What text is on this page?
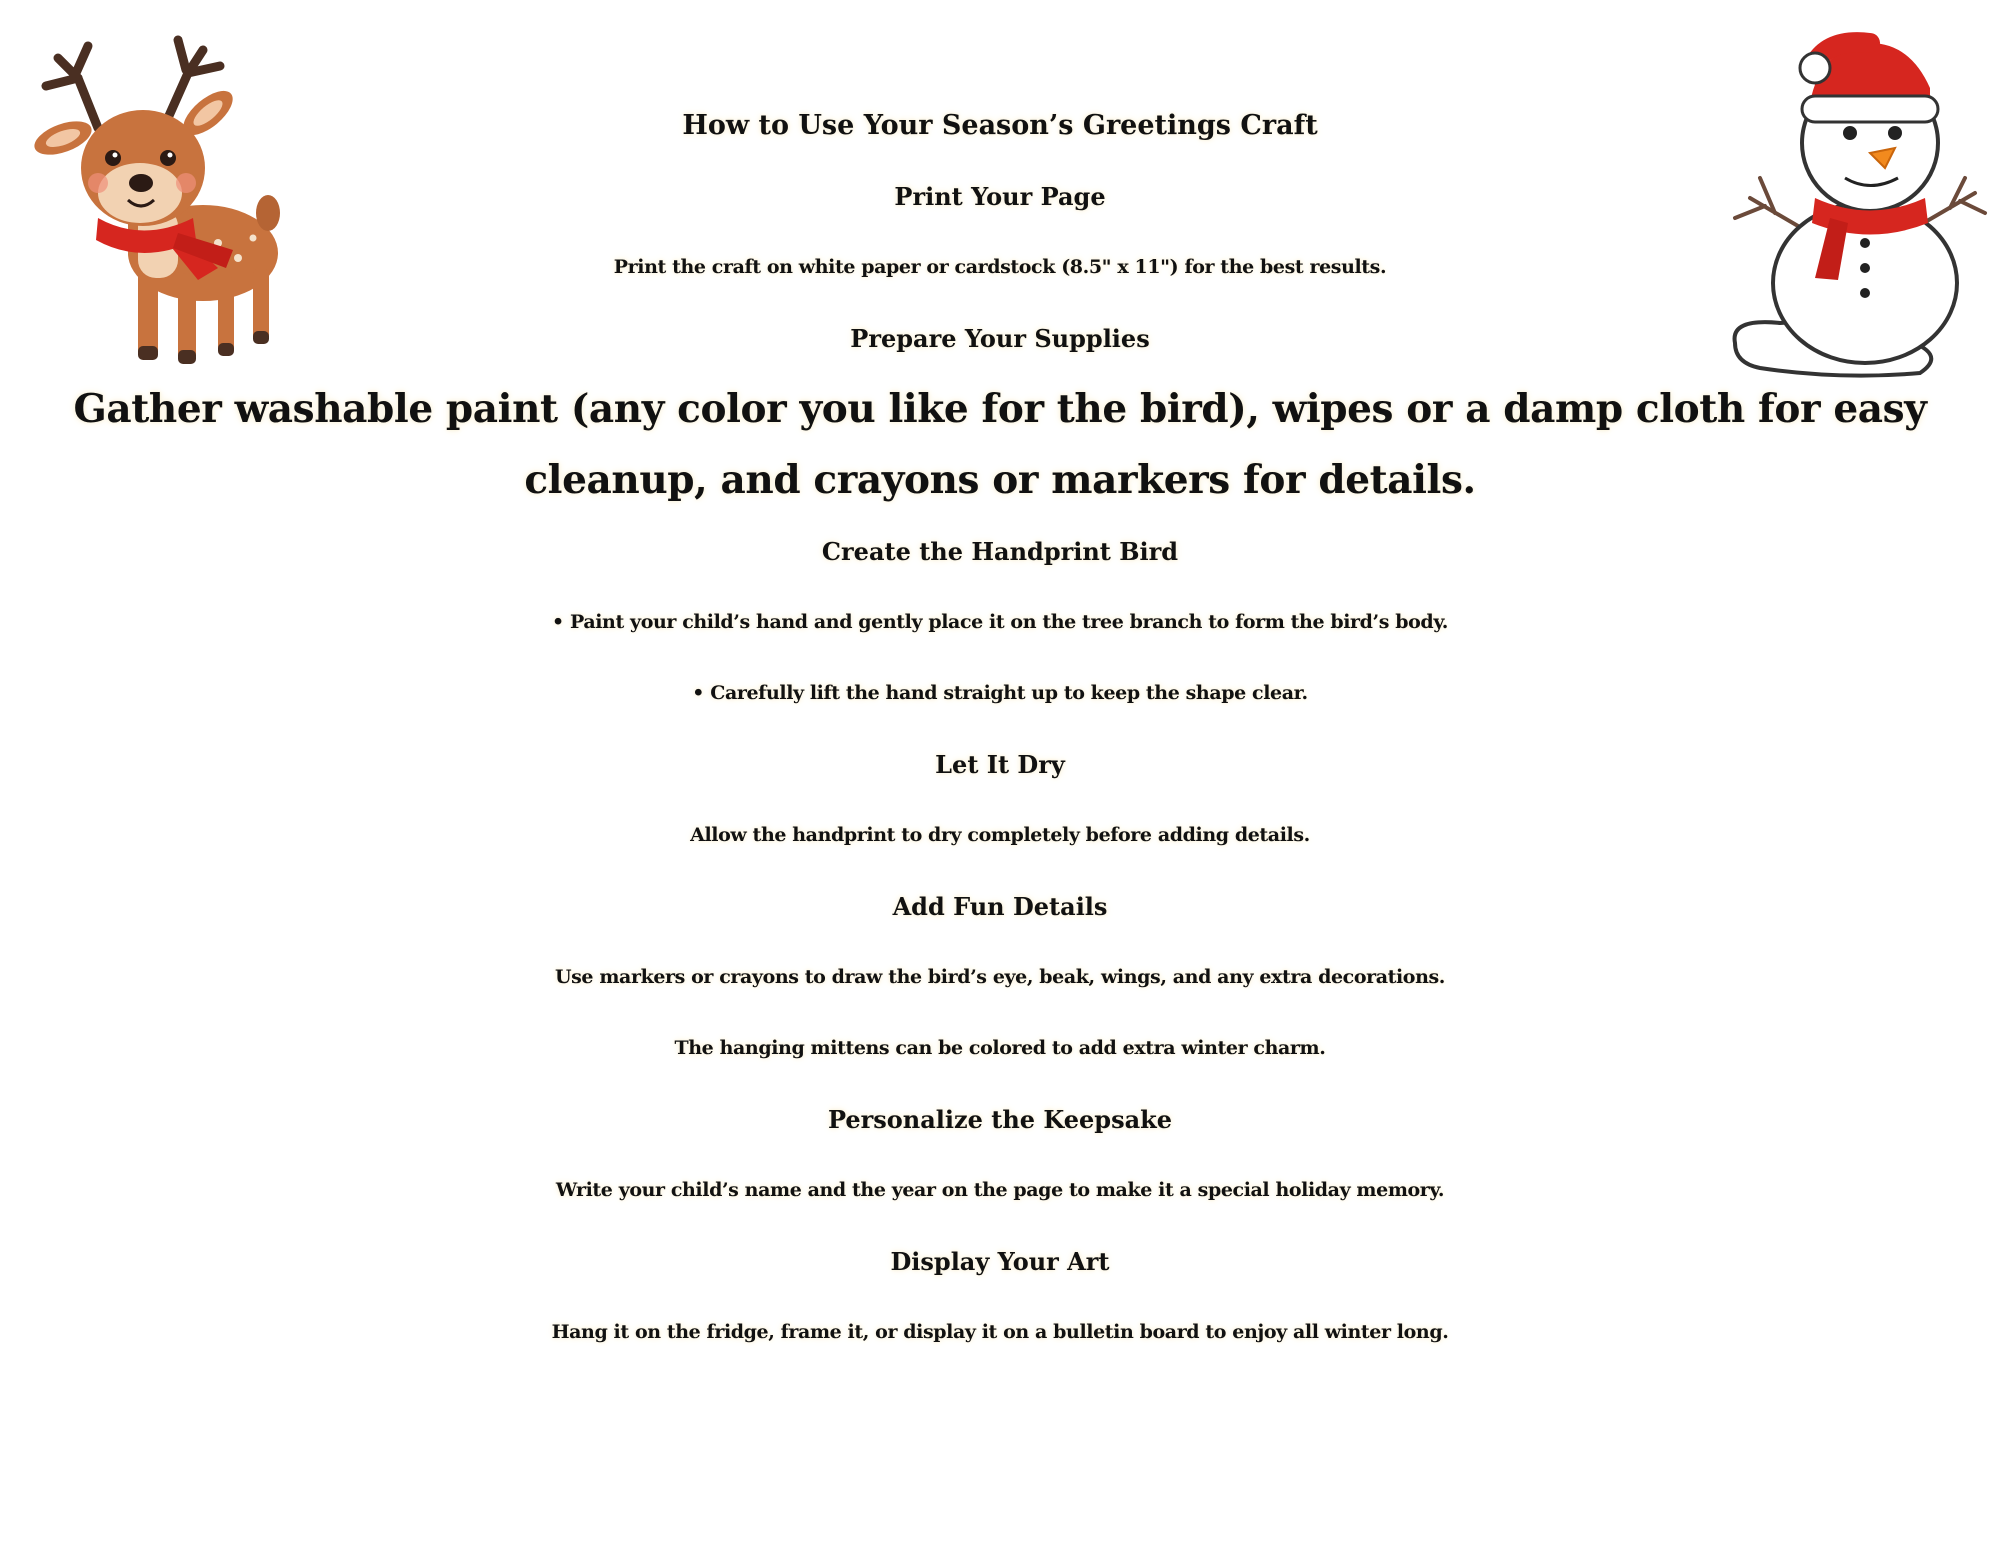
How to Use Your Season’s Greetings Craft
Print Your Page
Print the craft on white paper or cardstock (8.5" x 11") for the best results.
Prepare Your Supplies
Gather washable paint (any color you like for the bird), wipes or a damp cloth for easy cleanup, and crayons or markers for details.
Create the Handprint Bird
• Paint your child’s hand and gently place it on the tree branch to form the bird’s body.
• Carefully lift the hand straight up to keep the shape clear.
Let It Dry
Allow the handprint to dry completely before adding details.
Add Fun Details
Use markers or crayons to draw the bird’s eye, beak, wings, and any extra decorations.
The hanging mittens can be colored to add extra winter charm.
Personalize the Keepsake
Write your child’s name and the year on the page to make it a special holiday memory.
Display Your Art
Hang it on the fridge, frame it, or display it on a bulletin board to enjoy all winter long.
